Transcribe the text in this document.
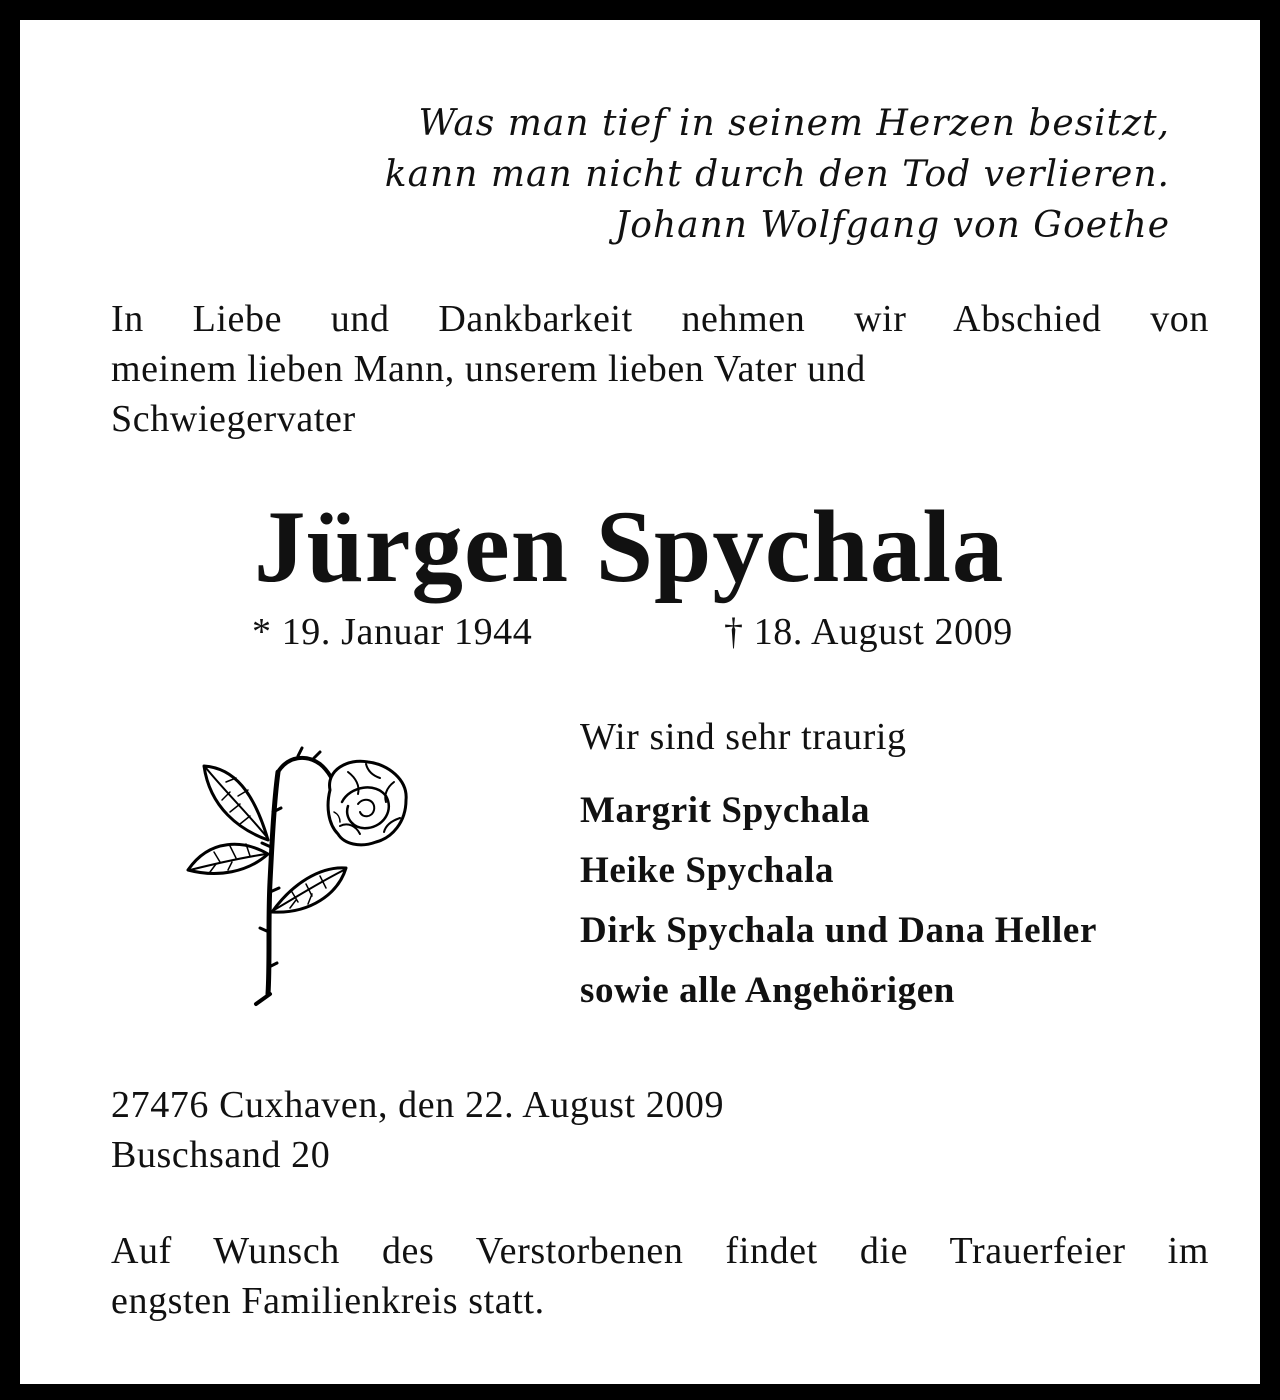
Was man tief in seinem Herzen besitzt,
kann man nicht durch den Tod verlieren.
Johann Wolfgang von Goethe
In Liebe und Dankbarkeit nehmen wir Abschied von
meinem lieben Mann, unserem lieben Vater und
Schwiegervater
Jürgen Spychala
* 19. Januar 1944	† 18. August 2009
Wir sind sehr traurig
Margrit Spychala
Heike Spychala
Dirk Spychala und Dana Heller
sowie alle Angehörigen
27476 Cuxhaven, den 22. August 2009
Buschsand 20
Auf Wunsch des Verstorbenen findet die Trauerfeier im
engsten Familienkreis statt.
